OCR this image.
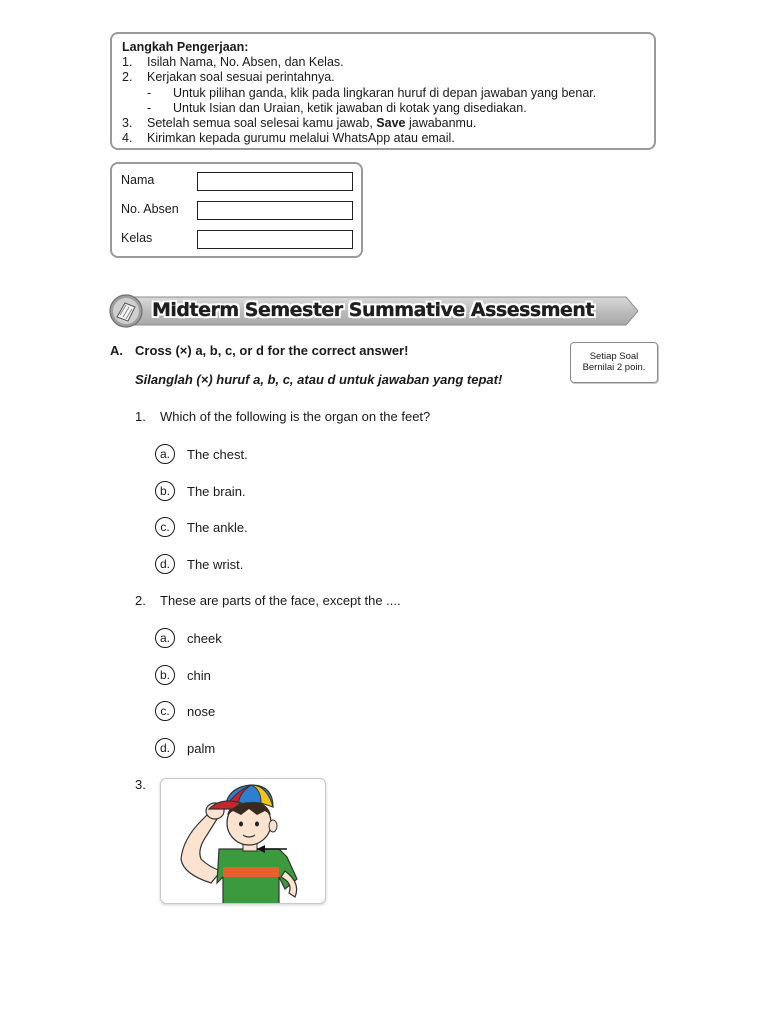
Langkah Pengerjaan:
1.	Isilah Nama, No. Absen, dan Kelas.
2.	Kerjakan soal sesuai perintahnya.
-	Untuk pilihan ganda, klik pada lingkaran huruf di depan jawaban yang benar.
-	Untuk Isian dan Uraian, ketik jawaban di kotak yang disediakan.
3.	Setelah semua soal selesai kamu jawab, Save jawabanmu.
4.	Kirimkan kepada gurumu melalui WhatsApp atau email.
Nama
No. Absen
Kelas
Midterm Semester Summative Assessment
A. Cross (×) a, b, c, or d for the correct answer!
Silanglah (×) huruf a, b, c, atau d untuk jawaban yang tepat!
Setiap Soal
Bernilai 2 poin.
1. Which of the following is the organ on the feet?
a.	The chest.
b.	The brain.
c.	The ankle.
d.	The wrist.
2. These are parts of the face, except the ....
a.	cheek
b.	chin
c.	nose
d.	palm
3.
